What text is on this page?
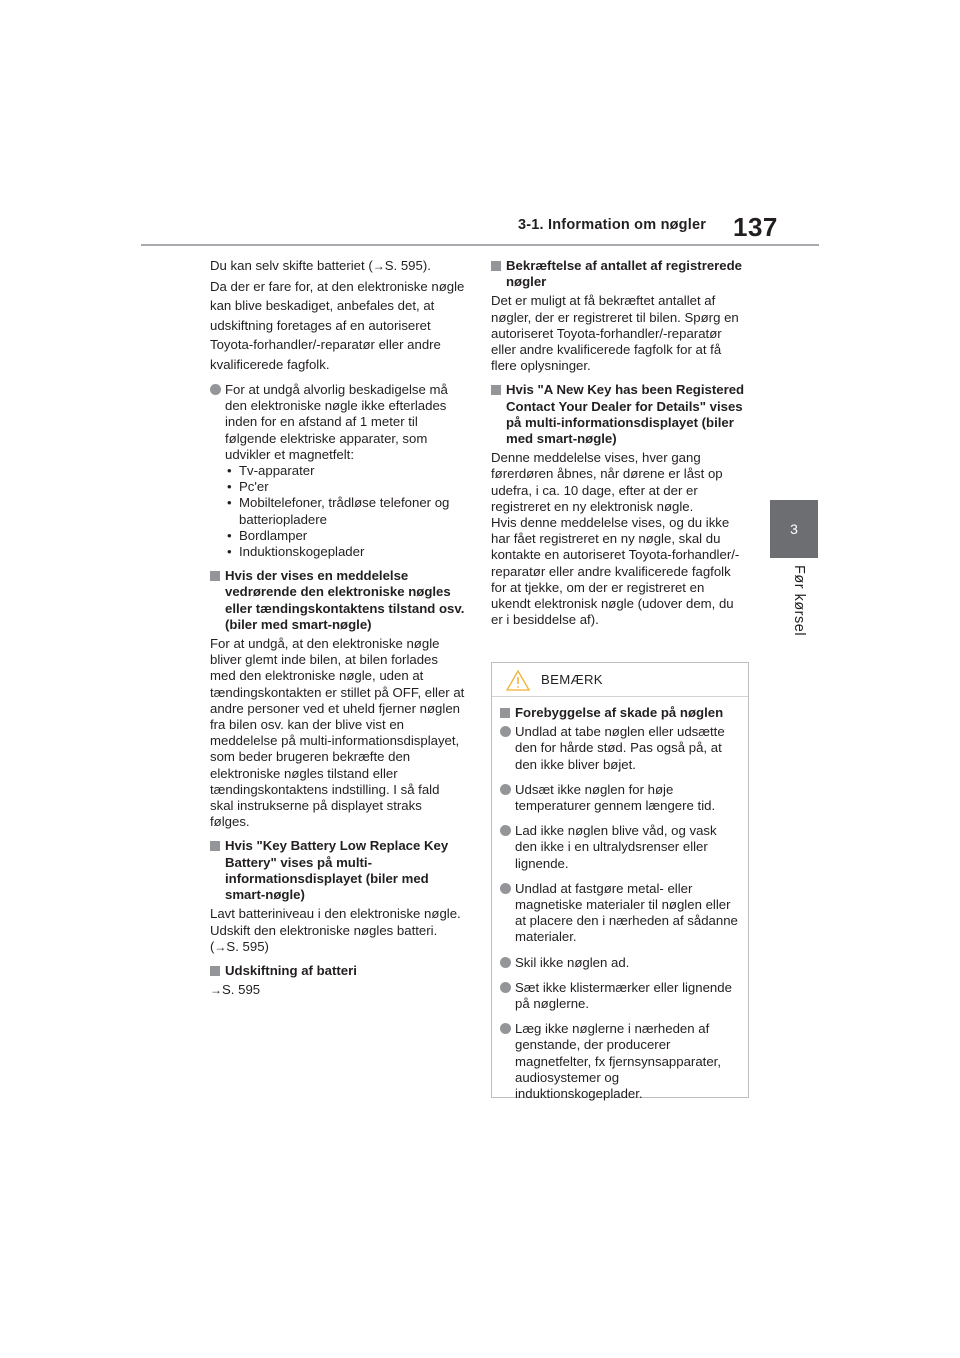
3-1. Information om nøgler 137
3
Før kørsel
Du kan selv skifte batteriet (→S. 595).
Da der er fare for, at den elektroniske nøgle kan blive beskadiget, anbefales det, at udskiftning foretages af en autoriseret Toyota-forhandler/-reparatør eller andre kvalificerede fagfolk.
For at undgå alvorlig beskadigelse må den elektroniske nøgle ikke efterlades inden for en afstand af 1 meter til følgende elektriske apparater, som udvikler et magnetfelt:
• Tv-apparater
• Pc'er
• Mobiltelefoner, trådløse telefoner og batteriopladere
• Bordlamper
• Induktionskogeplader
Hvis der vises en meddelelse vedrørende den elektroniske nøgles eller tændingskontaktens tilstand osv. (biler med smart-nøgle)

For at undgå, at den elektroniske nøgle bliver glemt inde bilen, at bilen forlades med den elektroniske nøgle, uden at tændingskontakten er stillet på OFF, eller at andre personer ved et uheld fjerner nøglen fra bilen osv. kan der blive vist en meddelelse på multi-informationsdisplayet, som beder brugeren bekræfte den elektroniske nøgles tilstand eller tændingskontaktens indstilling. I så fald skal instrukserne på displayet straks følges.

Hvis "Key Battery Low Replace Key Battery" vises på multi-informationsdisplayet (biler med smart-nøgle)

Lavt batteriniveau i den elektroniske nøgle. Udskift den elektroniske nøgles batteri. (→S. 595)

Udskiftning af batteri

→S. 595

Bekræftelse af antallet af registrerede nøgler

Det er muligt at få bekræftet antallet af nøgler, der er registreret til bilen. Spørg en autoriseret Toyota-forhandler/-reparatør eller andre kvalificerede fagfolk for at få flere oplysninger.

Hvis "A New Key has been Registered Contact Your Dealer for Details" vises på multi-informationsdisplayet (biler med smart-nøgle)

Denne meddelelse vises, hver gang førerdøren åbnes, når dørene er låst op udefra, i ca. 10 dage, efter at der er registreret en ny elektronisk nøgle.
Hvis denne meddelelse vises, og du ikke har fået registreret en ny nøgle, skal du kontakte en autoriseret Toyota-forhandler/-reparatør eller andre kvalificerede fagfolk for at tjekke, om der er registreret en ukendt elektronisk nøgle (udover dem, du er i besiddelse af).

BEMÆRK
Forebyggelse af skade på nøglen
Undlad at tabe nøglen eller udsætte den for hårde stød. Pas også på, at den ikke bliver bøjet.
Udsæt ikke nøglen for høje temperaturer gennem længere tid.
Lad ikke nøglen blive våd, og vask den ikke i en ultralydsrenser eller lignende.
Undlad at fastgøre metal- eller magnetiske materialer til nøglen eller at placere den i nærheden af sådanne materialer.
Skil ikke nøglen ad.
Sæt ikke klistermærker eller lignende på nøglerne.
Læg ikke nøglerne i nærheden af genstande, der producerer magnetfelter, fx fjernsynsapparater, audiosystemer og induktionskogeplader.
